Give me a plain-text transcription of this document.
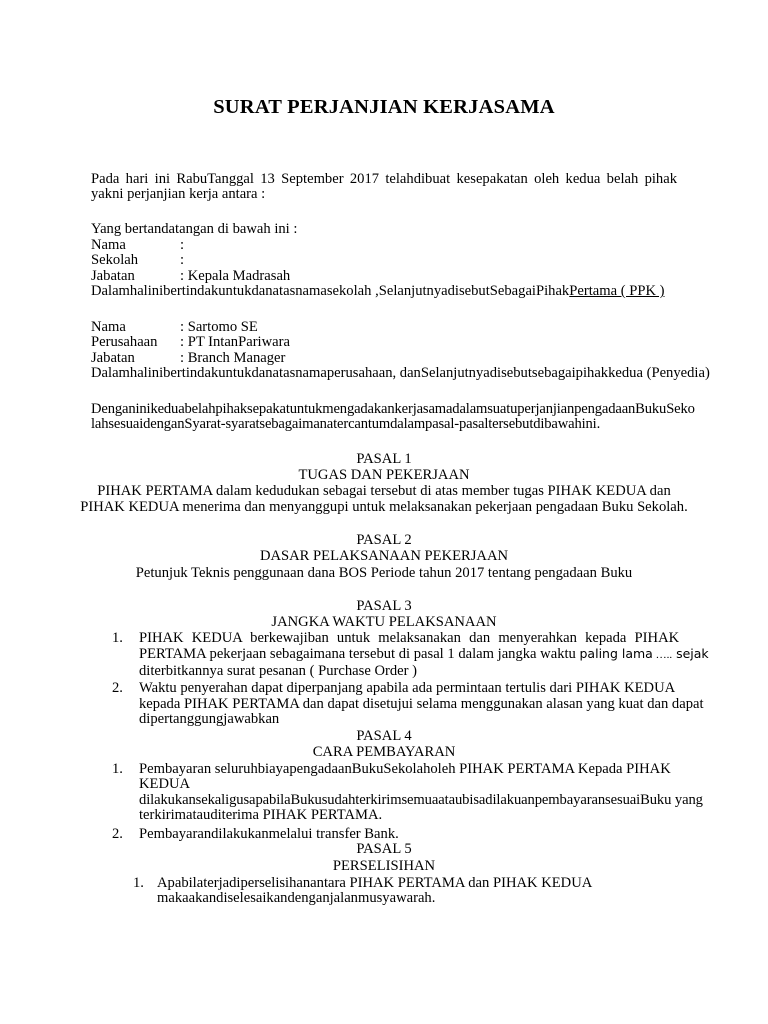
SURAT PERJANJIAN KERJASAMA
Pada hari ini RabuTanggal 13 September 2017 telahdibuat kesepakatan oleh kedua belah pihak yakni perjanjian kerja antara :
Yang bertandatangan di bawah ini :
Nama	:
Sekolah	:
Jabatan	: Kepala Madrasah
Dalamhalinibertindakuntukdanatasnamasekolah ,SelanjutnyadisebutSebagaiPihakPertama ( PPK )
Nama	: Sartomo SE
Perusahaan : PT IntanPariwara
Jabatan	: Branch Manager
Dalamhalinibertindakuntukdanatasnamaperusahaan, danSelanjutnyadisebutsebagaipihakkedua (Penyedia)
DenganinikeduabelahpihaksepakatuntukmengadakankerjasamadalamsuatuperjanjianpengadaanBukuSeko
lahsesuaidenganSyarat-syaratsebagaimanatercantumdalampasal-pasaltersebutdibawahini.
PASAL 1
TUGAS DAN PEKERJAAN
PIHAK PERTAMA dalam kedudukan sebagai tersebut di atas member tugas PIHAK KEDUA dan
PIHAK KEDUA menerima dan menyanggupi untuk melaksanakan pekerjaan pengadaan Buku Sekolah.
PASAL 2
DASAR PELAKSANAAN PEKERJAAN
Petunjuk Teknis penggunaan dana BOS Periode tahun 2017 tentang pengadaan Buku
PASAL 3
JANGKA WAKTU PELAKSANAAN
1. PIHAK KEDUA berkewajiban untuk melaksanakan dan menyerahkan kepada PIHAK
PERTAMA pekerjaan sebagaimana tersebut di pasal 1 dalam jangka waktu paling lama ….. sejak
diterbitkannya surat pesanan ( Purchase Order )
2. Waktu penyerahan dapat diperpanjang apabila ada permintaan tertulis dari PIHAK KEDUA
kepada PIHAK PERTAMA dan dapat disetujui selama menggunakan alasan yang kuat dan dapat
dipertanggungjawabkan
PASAL 4
CARA PEMBAYARAN
1. Pembayaran seluruhbiayapengadaanBukuSekolaholeh PIHAK PERTAMA Kepada PIHAK
KEDUA
dilakukansekaligusapabilaBukusudahterkirimsemuaataubisadilakuanpembayaransesuaiBuku yang
terkirimatauditerima PIHAK PERTAMA.
2. Pembayarandilakukanmelalui transfer Bank.
PASAL 5
PERSELISIHAN
1. Apabilaterjadiperselisihanantara PIHAK PERTAMA dan PIHAK KEDUA
makaakandiselesaikandenganjalanmusyawarah.
